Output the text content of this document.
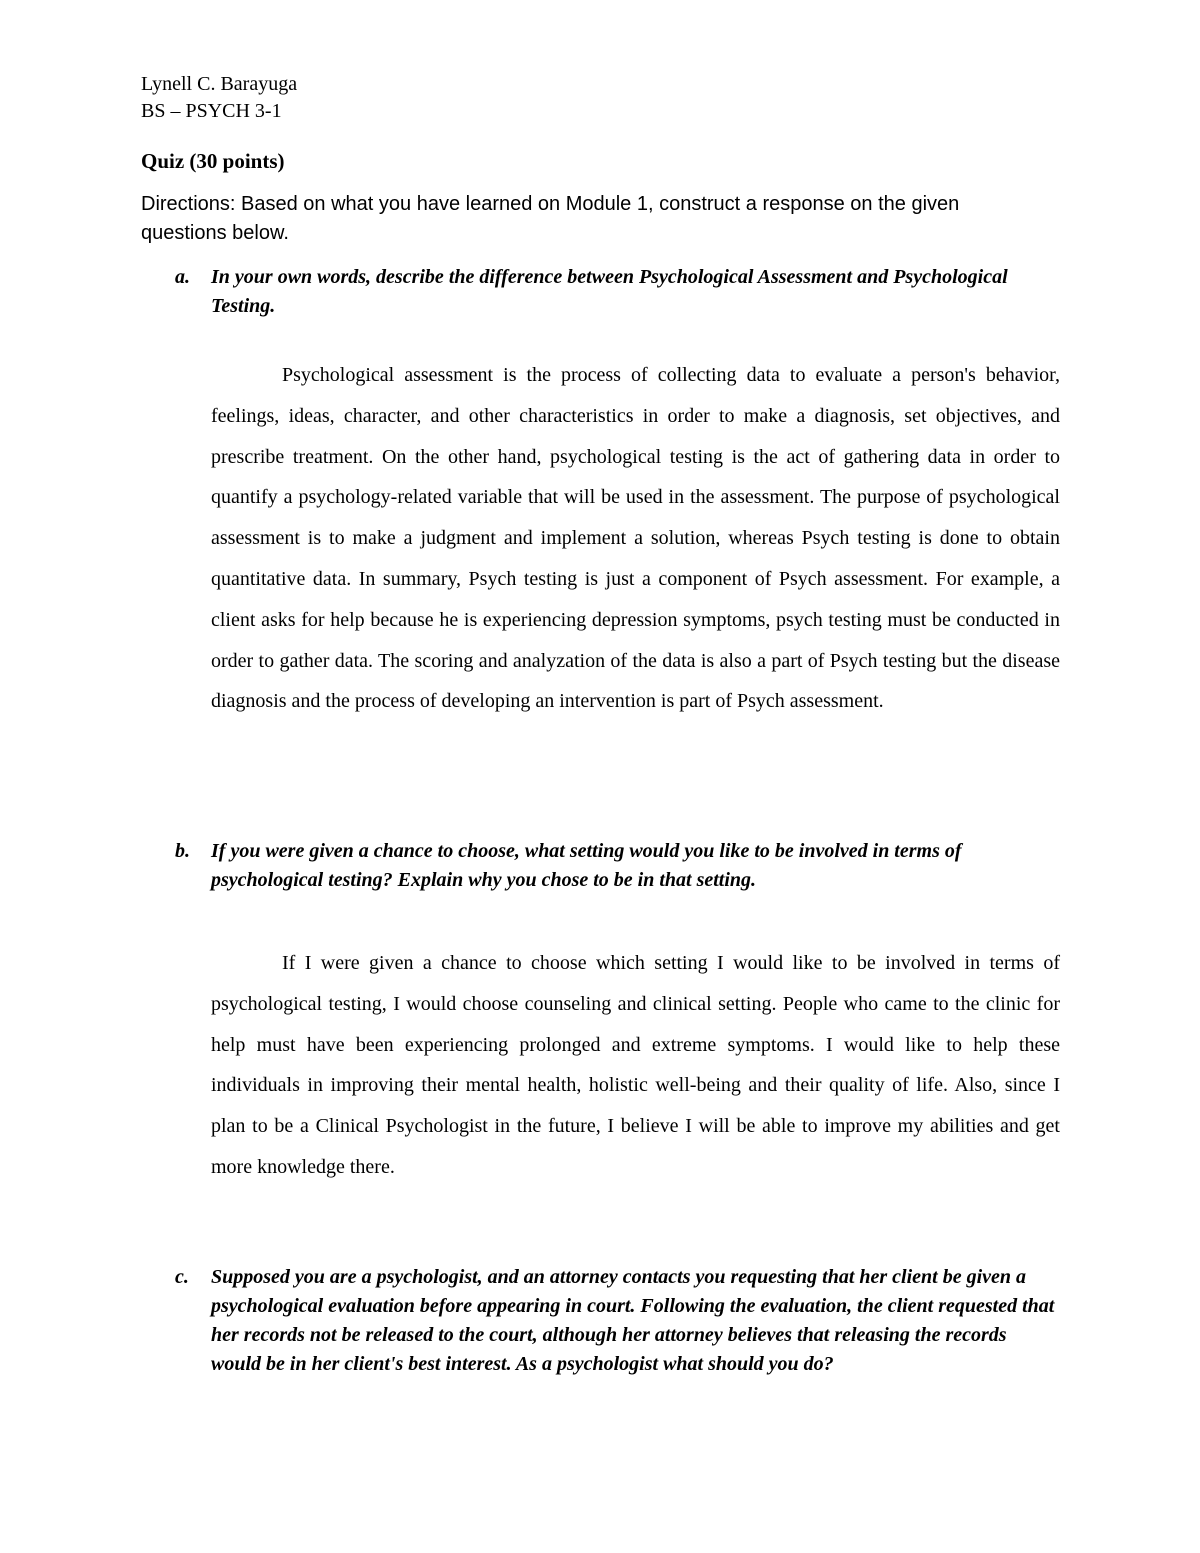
Lynell C. Barayuga
BS – PSYCH 3-1
Quiz (30 points)
Directions: Based on what you have learned on Module 1, construct a response on the given questions below.
a. In your own words, describe the difference between Psychological Assessment and Psychological Testing.

Psychological assessment is the process of collecting data to evaluate a person's behavior, feelings, ideas, character, and other characteristics in order to make a diagnosis, set objectives, and prescribe treatment. On the other hand, psychological testing is the act of gathering data in order to quantify a psychology-related variable that will be used in the assessment. The purpose of psychological assessment is to make a judgment and implement a solution, whereas Psych testing is done to obtain quantitative data. In summary, Psych testing is just a component of Psych assessment. For example, a client asks for help because he is experiencing depression symptoms, psych testing must be conducted in order to gather data. The scoring and analyzation of the data is also a part of Psych testing but the disease diagnosis and the process of developing an intervention is part of Psych assessment.

b. If you were given a chance to choose, what setting would you like to be involved in terms of psychological testing? Explain why you chose to be in that setting.

If I were given a chance to choose which setting I would like to be involved in terms of psychological testing, I would choose counseling and clinical setting. People who came to the clinic for help must have been experiencing prolonged and extreme symptoms. I would like to help these individuals in improving their mental health, holistic well-being and their quality of life. Also, since I plan to be a Clinical Psychologist in the future, I believe I will be able to improve my abilities and get more knowledge there.

c. Supposed you are a psychologist, and an attorney contacts you requesting that her client be given a psychological evaluation before appearing in court. Following the evaluation, the client requested that her records not be released to the court, although her attorney believes that releasing the records would be in her client's best interest. As a psychologist what should you do?
